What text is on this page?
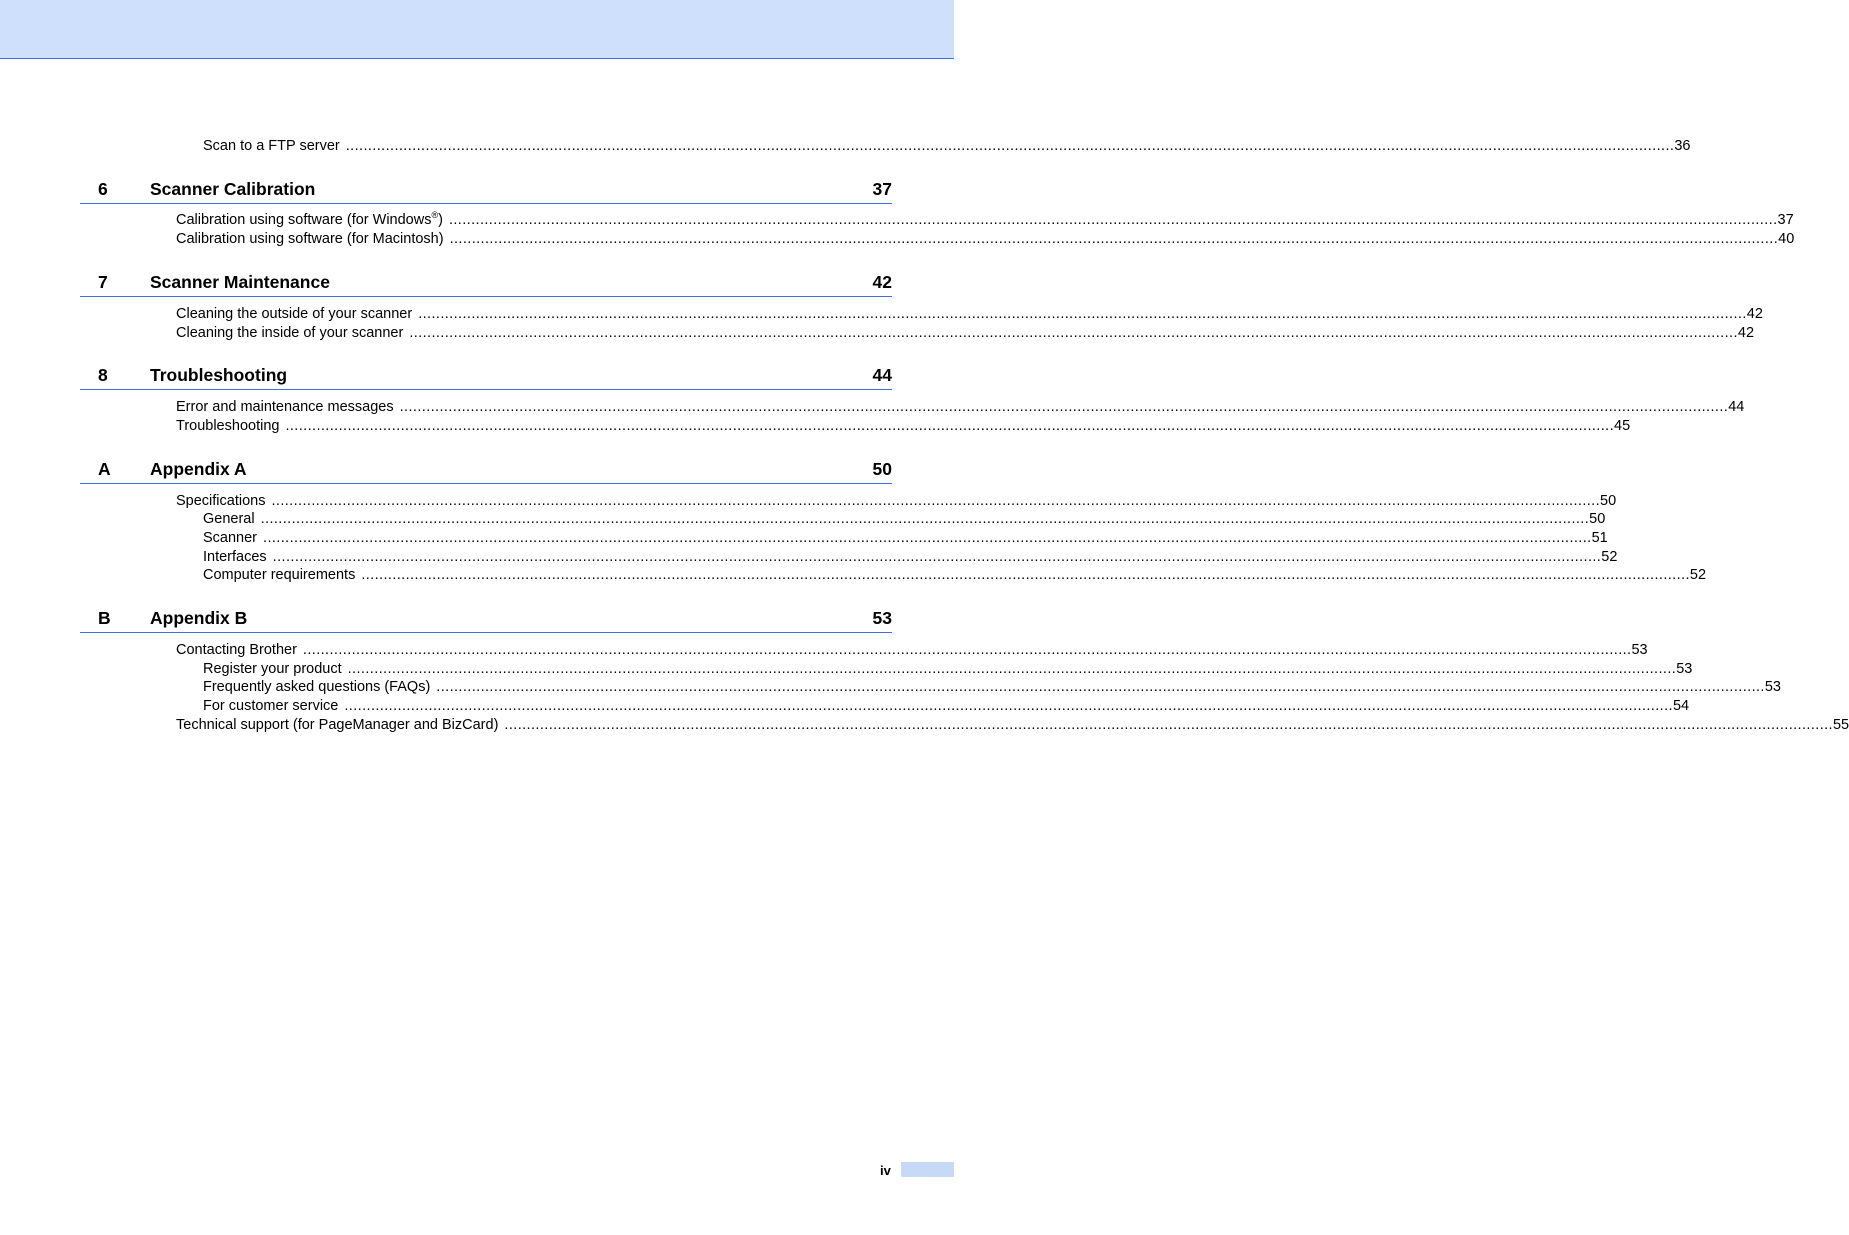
Scan to a FTP server ............................................................................................................................................................................................................................................................................................................ 36
6 Scanner Calibration	37
Calibration using software (for Windows®) ............................................................................................................................................................................................................................................................................................................ 37
Calibration using software (for Macintosh) ............................................................................................................................................................................................................................................................................................................ 40
7 Scanner Maintenance	42
Cleaning the outside of your scanner ............................................................................................................................................................................................................................................................................................................ 42
Cleaning the inside of your scanner ............................................................................................................................................................................................................................................................................................................ 42
8 Troubleshooting	44
Error and maintenance messages ............................................................................................................................................................................................................................................................................................................ 44
Troubleshooting ............................................................................................................................................................................................................................................................................................................ 45
A Appendix A	50
Specifications ............................................................................................................................................................................................................................................................................................................ 50
General ............................................................................................................................................................................................................................................................................................................ 50
Scanner ............................................................................................................................................................................................................................................................................................................ 51
Interfaces ............................................................................................................................................................................................................................................................................................................ 52
Computer requirements ............................................................................................................................................................................................................................................................................................................ 52
B Appendix B	53
Contacting Brother ............................................................................................................................................................................................................................................................................................................ 53
Register your product ............................................................................................................................................................................................................................................................................................................ 53
Frequently asked questions (FAQs) ............................................................................................................................................................................................................................................................................................................ 53
For customer service ............................................................................................................................................................................................................................................................................................................ 54
Technical support (for PageManager and BizCard) ............................................................................................................................................................................................................................................................................................................ 55
iv
